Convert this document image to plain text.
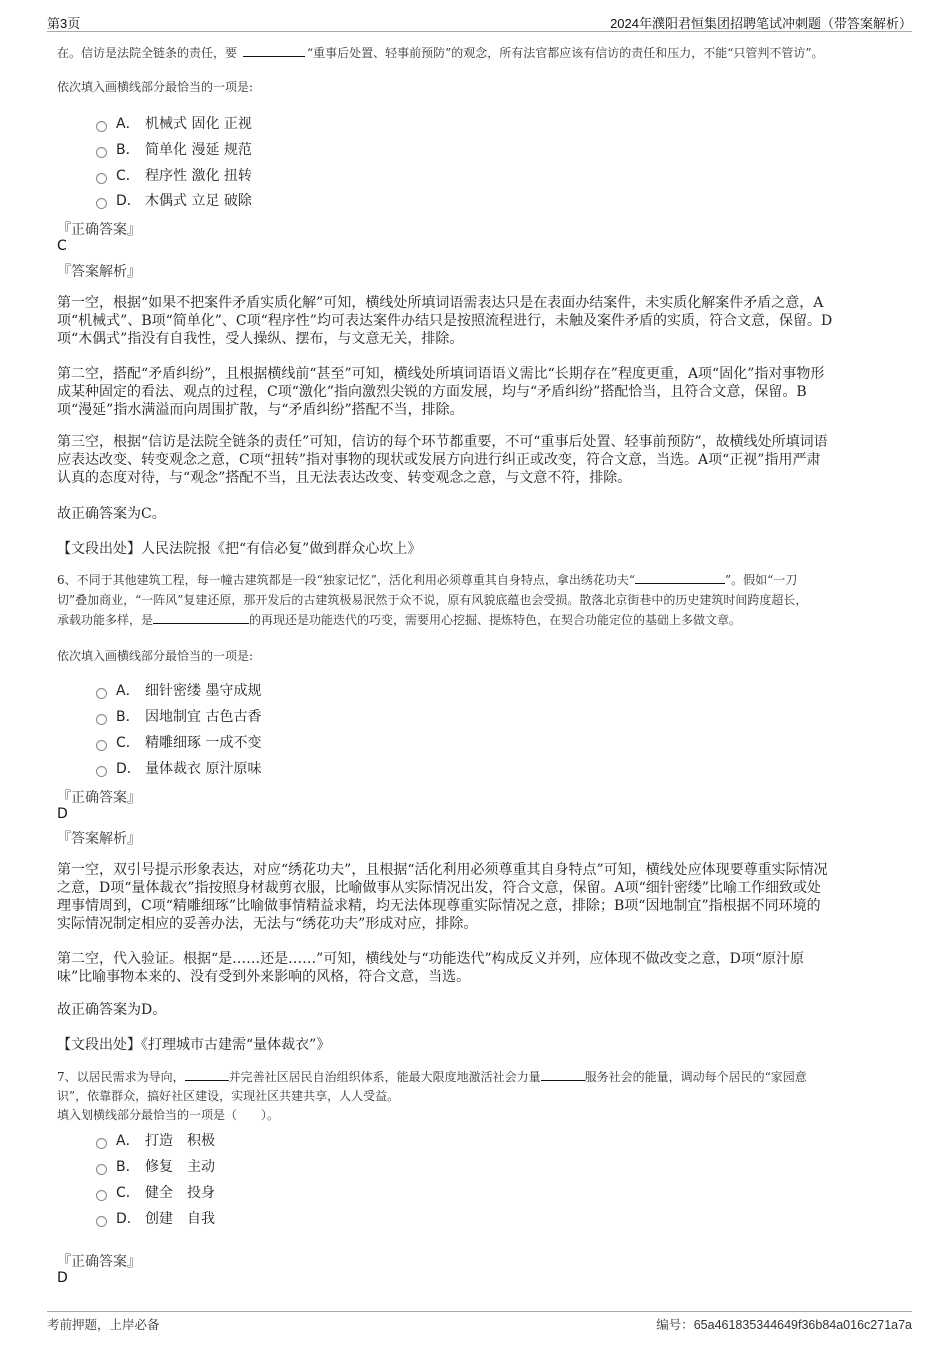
第3页	2024年濮阳君恒集团招聘笔试冲刺题（带答案解析）
在。信访是法院全链条的责任，要	“重事后处置、轻事前预防”的观念，所有法官都应该有信访的责任和压力，不能“只管判不管访”。
依次填入画横线部分最恰当的一项是:
A． 机械式 固化 正视
B． 简单化 漫延 规范
C． 程序性 激化 扭转
D． 木偶式 立足 破除
『正确答案』
C
『答案解析』
第一空，根据“如果不把案件矛盾实质化解”可知，横线处所填词语需表达只是在表面办结案件，未实质化解案件矛盾之意，A
项“机械式”、B项“简单化”、C项“程序性”均可表达案件办结只是按照流程进行，未触及案件矛盾的实质，符合文意，保留。D
项“木偶式”指没有自我性，受人操纵、摆布，与文意无关，排除。
第二空，搭配“矛盾纠纷”，且根据横线前“甚至”可知，横线处所填词语语义需比“长期存在”程度更重，A项“固化”指对事物形
成某种固定的看法、观点的过程，C项“激化”指向激烈尖锐的方面发展，均与“矛盾纠纷”搭配恰当，且符合文意，保留。B
项“漫延”指水满溢而向周围扩散，与“矛盾纠纷”搭配不当，排除。
第三空，根据“信访是法院全链条的责任”可知，信访的每个环节都重要，不可“重事后处置、轻事前预防”，故横线处所填词语
应表达改变、转变观念之意，C项“扭转”指对事物的现状或发展方向进行纠正或改变，符合文意，当选。A项“正视”指用严肃
认真的态度对待，与“观念”搭配不当，且无法表达改变、转变观念之意，与文意不符，排除。
故正确答案为C。
【文段出处】人民法院报《把“有信必复”做到群众心坎上》
6、不同于其他建筑工程，每一幢古建筑都是一段“独家记忆”，活化利用必须尊重其自身特点，拿出绣花功夫“	”。假如“一刀
切”叠加商业，“一阵风”复建还原，那开发后的古建筑极易泯然于众不说，原有风貌底蕴也会受损。散落北京街巷中的历史建筑时间跨度超长，
承载功能多样，是	的再现还是功能迭代的巧变，需要用心挖掘、提炼特色，在契合功能定位的基础上多做文章。
依次填入画横线部分最恰当的一项是:
A． 细针密缕 墨守成规
B． 因地制宜 古色古香
C． 精雕细琢 一成不变
D． 量体裁衣 原汁原味
『正确答案』
D
『答案解析』
第一空，双引号提示形象表达，对应“绣花功夫”，且根据“活化利用必须尊重其自身特点”可知，横线处应体现要尊重实际情况
之意，D项“量体裁衣”指按照身材裁剪衣服，比喻做事从实际情况出发，符合文意，保留。A项“细针密缕”比喻工作细致或处
理事情周到，C项“精雕细琢”比喻做事情精益求精，均无法体现尊重实际情况之意，排除；B项“因地制宜”指根据不同环境的
实际情况制定相应的妥善办法，无法与“绣花功夫”形成对应，排除。
第二空，代入验证。根据“是……还是……”可知，横线处与“功能迭代”构成反义并列，应体现不做改变之意，D项“原汁原
味”比喻事物本来的、没有受到外来影响的风格，符合文意，当选。
故正确答案为D。
【文段出处】《打理城市古建需“量体裁衣”》
7、以居民需求为导向，	并完善社区居民自治组织体系，能最大限度地激活社会力量	服务社会的能量，调动每个居民的“家园意
识”，依靠群众，搞好社区建设，实现社区共建共享，人人受益。
填入划横线部分最恰当的一项是（　　）。
A． 打造　积极
B． 修复　主动
C． 健全　投身
D． 创建　自我
『正确答案』
D
考前押题，上岸必备	编号：65a461835344649f36b84a016c271a7a
